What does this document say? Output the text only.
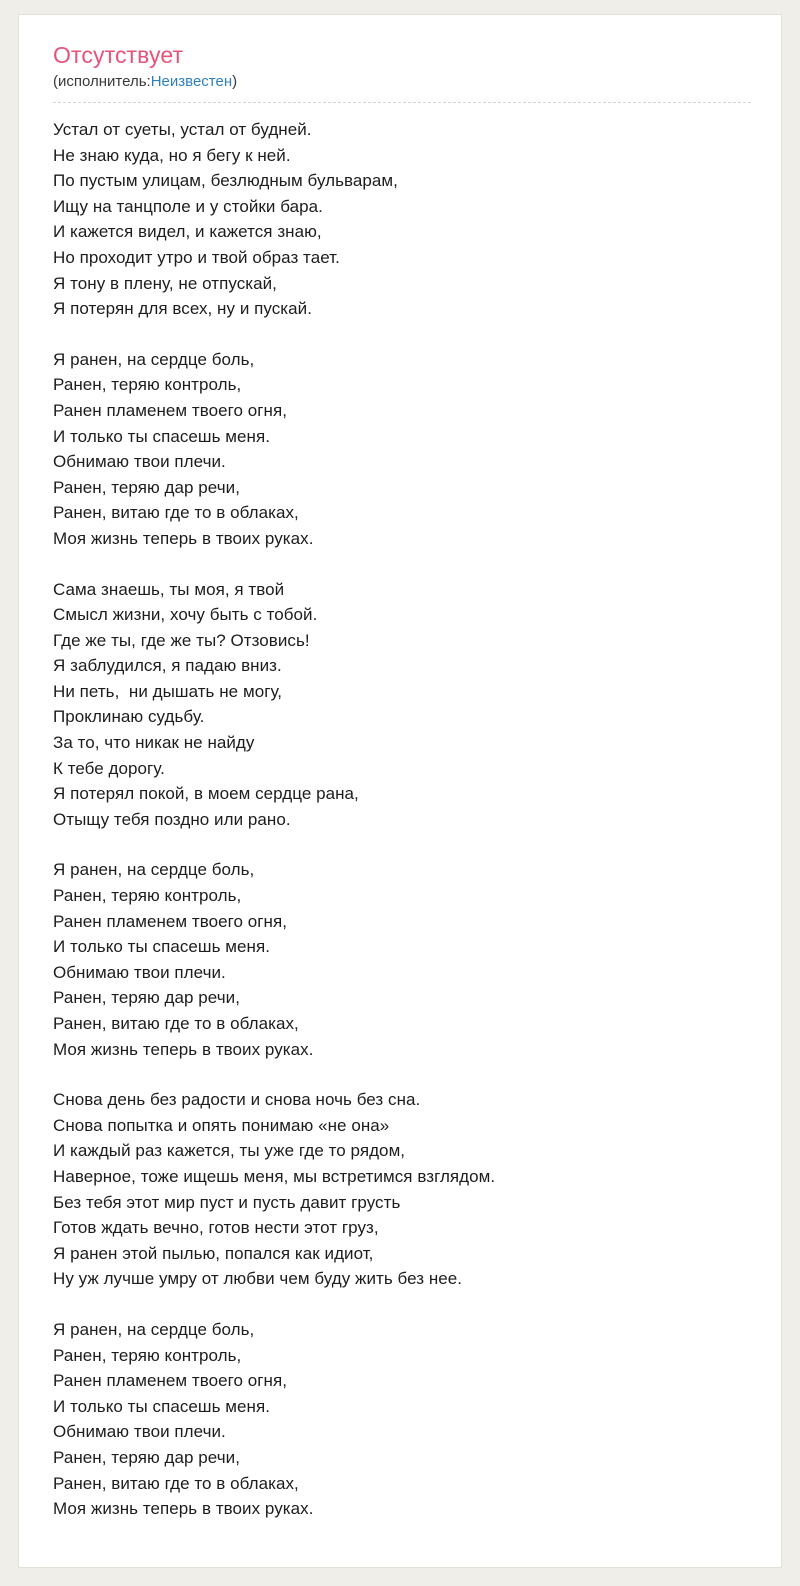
Отсутствует
(исполнитель:Неизвестен)

Устал от суеты, устал от будней.
Не знаю куда, но я бегу к ней.
По пустым улицам, безлюдным бульварам,
Ищу на танцполе и у стойки бара.
И кажется видел, и кажется знаю,
Но проходит утро и твой образ тает.
Я тону в плену, не отпускай,
Я потерян для всех, ну и пускай.

Я ранен, на сердце боль,
Ранен, теряю контроль,
Ранен пламенем твоего огня,
И только ты спасешь меня.
Обнимаю твои плечи.
Ранен, теряю дар речи,
Ранен, витаю где то в облаках,
Моя жизнь теперь в твоих руках.

Сама знаешь, ты моя, я твой
Смысл жизни, хочу быть с тобой.
Где же ты, где же ты? Отзовись!
Я заблудился, я падаю вниз.
Ни петь,  ни дышать не могу,
Проклинаю судьбу.
За то, что никак не найду
К тебе дорогу.
Я потерял покой, в моем сердце рана,
Отыщу тебя поздно или рано.

Я ранен, на сердце боль,
Ранен, теряю контроль,
Ранен пламенем твоего огня,
И только ты спасешь меня.
Обнимаю твои плечи.
Ранен, теряю дар речи,
Ранен, витаю где то в облаках,
Моя жизнь теперь в твоих руках.

Снова день без радости и снова ночь без сна.
Снова попытка и опять понимаю «не она»
И каждый раз кажется, ты уже где то рядом,
Наверное, тоже ищешь меня, мы встретимся взглядом.
Без тебя этот мир пуст и пусть давит грусть
Готов ждать вечно, готов нести этот груз,
Я ранен этой пылью, попался как идиот,
Ну уж лучше умру от любви чем буду жить без нее.

Я ранен, на сердце боль,
Ранен, теряю контроль,
Ранен пламенем твоего огня,
И только ты спасешь меня.
Обнимаю твои плечи.
Ранен, теряю дар речи,
Ранен, витаю где то в облаках,
Моя жизнь теперь в твоих руках.
